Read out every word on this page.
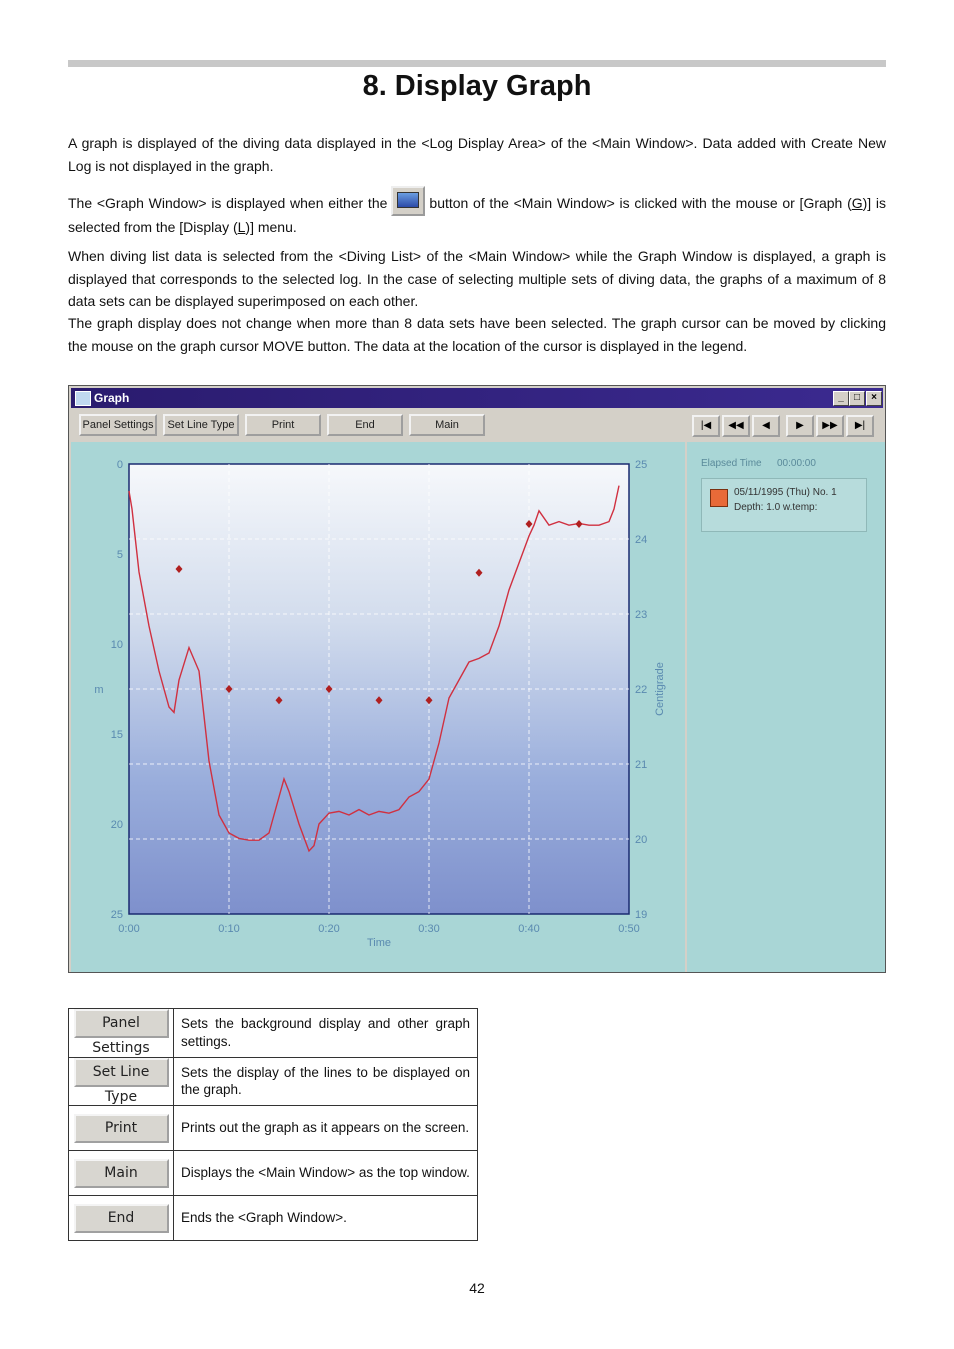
8. Display Graph
A graph is displayed of the diving data displayed in the <Log Display Area> of the <Main Window>. Data added with Create New Log is not displayed in the graph.
The <Graph Window> is displayed when either the	button of the <Main Window> is clicked with the mouse or [Graph (G)] is selected from the [Display (L)] menu.
When diving list data is selected from the <Diving List> of the <Main Window> while the Graph Window is displayed, a graph is displayed that corresponds to the selected log. In the case of selecting multiple sets of diving data, the graphs of a maximum of 8 data sets can be displayed superimposed on each other.
The graph display does not change when more than 8 data sets have been selected. The graph cursor can be moved by clicking the mouse on the graph cursor MOVE button. The data at the location of the cursor is displayed in the legend.
Graph	_	□	×
Panel Settings	Set Line Type	Print	End	Main	|◀	◀◀	◀	▶	▶▶	▶|
0:00	0:10	0:20	0:30	0:40	0:50
0
5
10
15
20
25
25
24
23
22
21
20
19
Time
m	Centigrade
Elapsed Time 00:00:00
05/11/1995 (Thu) No. 1
Depth: 1.0 w.temp:
Panel Settings	Sets the background display and other graph settings.
Set Line Type	Sets the display of the lines to be displayed on the graph.
Print	Prints out the graph as it appears on the screen.
Main	Displays the <Main Window> as the top window.
End	Ends the <Graph Window>.
42
